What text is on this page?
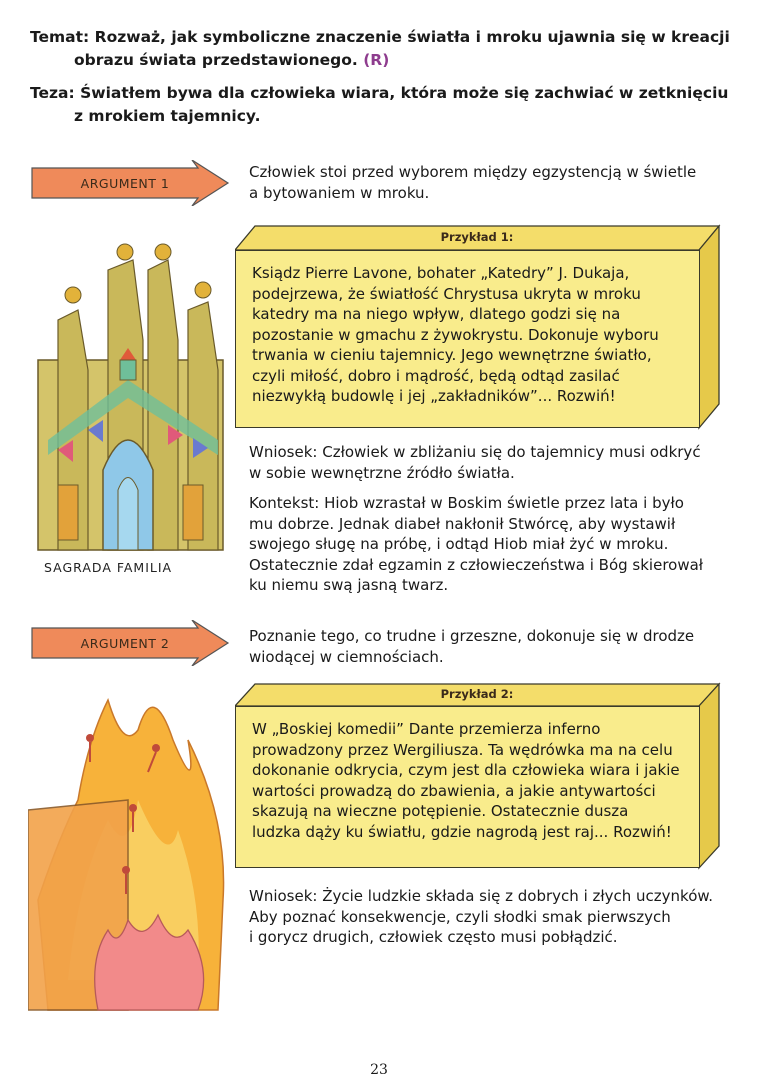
Temat: Rozważ, jak symboliczne znaczenie światła i mroku ujawnia się w kreacji
obrazu świata przedstawionego. (R)
Teza: Światłem bywa dla człowieka wiara, która może się zachwiać w zetknięciu
z mrokiem tajemnicy.
ARGUMENT 1
Człowiek stoi przed wyborem między egzystencją w świetle
a bytowaniem w mroku.
SAGRADA FAMILIA
Przykład 1:
Ksiądz Pierre Lavone, bohater „Katedry” J. Dukaja,
podejrzewa, że światłość Chrystusa ukryta w mroku
katedry ma na niego wpływ, dlatego godzi się na
pozostanie w gmachu z żywokrystu. Dokonuje wyboru
trwania w cieniu tajemnicy. Jego wewnętrzne światło,
czyli miłość, dobro i mądrość, będą odtąd zasilać
niezwykłą budowlę i jej „zakładników”... Rozwiń!
Wniosek: Człowiek w zbliżaniu się do tajemnicy musi odkryć
w sobie wewnętrzne źródło światła.
Kontekst: Hiob wzrastał w Boskim świetle przez lata i było
mu dobrze. Jednak diabeł nakłonił Stwórcę, aby wystawił
swojego sługę na próbę, i odtąd Hiob miał żyć w mroku.
Ostatecznie zdał egzamin z człowieczeństwa i Bóg skierował
ku niemu swą jasną twarz.
ARGUMENT 2	Poznanie tego, co trudne i grzeszne, dokonuje się w drodze
wiodącej w ciemnościach.
Przykład 2:
W „Boskiej komedii” Dante przemierza inferno
prowadzony przez Wergiliusza. Ta wędrówka ma na celu
dokonanie odkrycia, czym jest dla człowieka wiara i jakie
wartości prowadzą do zbawienia, a jakie antywartości
skazują na wieczne potępienie. Ostatecznie dusza
ludzka dąży ku światłu, gdzie nagrodą jest raj... Rozwiń!
Wniosek: Życie ludzkie składa się z dobrych i złych uczynków.
Aby poznać konsekwencje, czyli słodki smak pierwszych
i gorycz drugich, człowiek często musi pobłądzić.
23
